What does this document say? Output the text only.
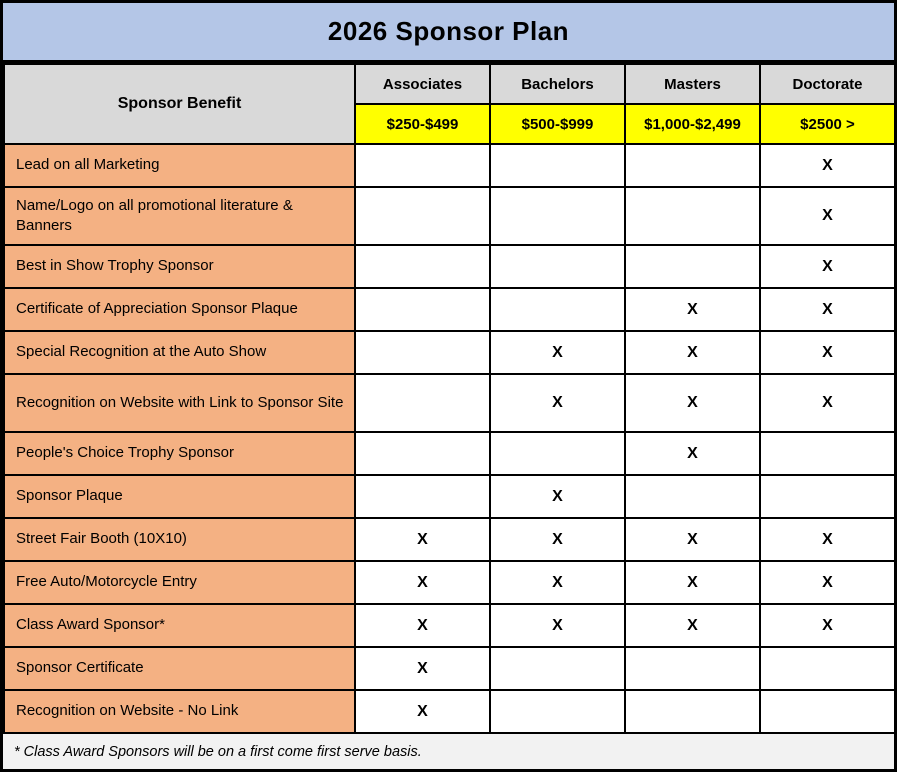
2026 Sponsor Plan
Sponsor Benefit	Associates	Bachelors	Masters	Doctorate
	$250-$499	$500-$999	$1,000-$2,499	$2500 >
Lead on all Marketing				X
Name/Logo on all promotional literature & Banners				X
Best in Show Trophy Sponsor				X
Certificate of Appreciation Sponsor Plaque			X	X
Special Recognition at the Auto Show		X	X	X
Recognition on Website with Link to Sponsor Site		X	X	X
People's Choice Trophy Sponsor			X	
Sponsor Plaque		X		
Street Fair Booth (10X10)	X	X	X	X
Free Auto/Motorcycle Entry	X	X	X	X
Class Award Sponsor*	X	X	X	X
Sponsor Certificate	X			
Recognition on Website - No Link	X			
* Class Award Sponsors will be on a first come first serve basis.
